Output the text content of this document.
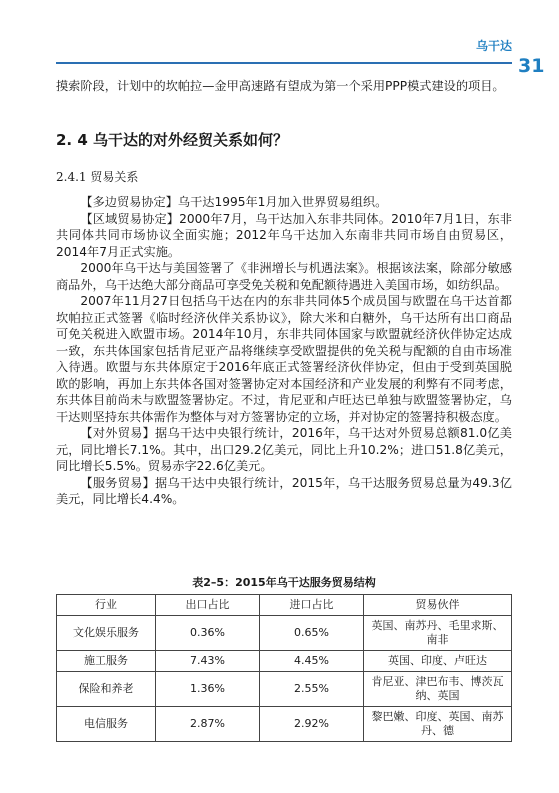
乌干达
31
摸索阶段，计划中的坎帕拉—金甲高速路有望成为第一个采用PPP模式建设的项目。
2. 4 乌干达的对外经贸关系如何？
2.4.1 贸易关系

【多边贸易协定】乌干达1995年1月加入世界贸易组织。

【区域贸易协定】2000年7月，乌干达加入东非共同体。2010年7月1日，东非共同体共同市场协议全面实施；2012年乌干达加入东南非共同市场自由贸易区，2014年7月正式实施。

2000年乌干达与美国签署了《非洲增长与机遇法案》。根据该法案，除部分敏感商品外，乌干达绝大部分商品可享受免关税和免配额待遇进入美国市场，如纺织品。

2007年11月27日包括乌干达在内的东非共同体5个成员国与欧盟在乌干达首都坎帕拉正式签署《临时经济伙伴关系协议》，除大米和白糖外，乌干达所有出口商品可免关税进入欧盟市场。2014年10月，东非共同体国家与欧盟就经济伙伴协定达成一致，东共体国家包括肯尼亚产品将继续享受欧盟提供的免关税与配额的自由市场准入待遇。欧盟与东共体原定于2016年底正式签署经济伙伴协定，但由于受到英国脱欧的影响，再加上东共体各国对签署协定对本国经济和产业发展的利弊有不同考虑，东共体目前尚未与欧盟签署协定。不过，肯尼亚和卢旺达已单独与欧盟签署协定，乌干达则坚持东共体需作为整体与对方签署协定的立场，并对协定的签署持积极态度。

【对外贸易】据乌干达中央银行统计，2016年，乌干达对外贸易总额81.0亿美元，同比增长7.1%。其中，出口29.2亿美元，同比上升10.2%；进口51.8亿美元，同比增长5.5%。贸易赤字22.6亿美元。

【服务贸易】据乌干达中央银行统计，2015年，乌干达服务贸易总量为49.3亿美元，同比增长4.4%。

表2–5：2015年乌干达服务贸易结构
行业	出口占比	进口占比	贸易伙伴
文化娱乐服务	0.36%	0.65%	英国、南苏丹、毛里求斯、南非
施工服务	7.43%	4.45%	英国、印度、卢旺达
保险和养老	1.36%	2.55%	肯尼亚、津巴布韦、博茨瓦纳、英国
电信服务	2.87%	2.92%	黎巴嫩、印度、英国、南苏丹、德
